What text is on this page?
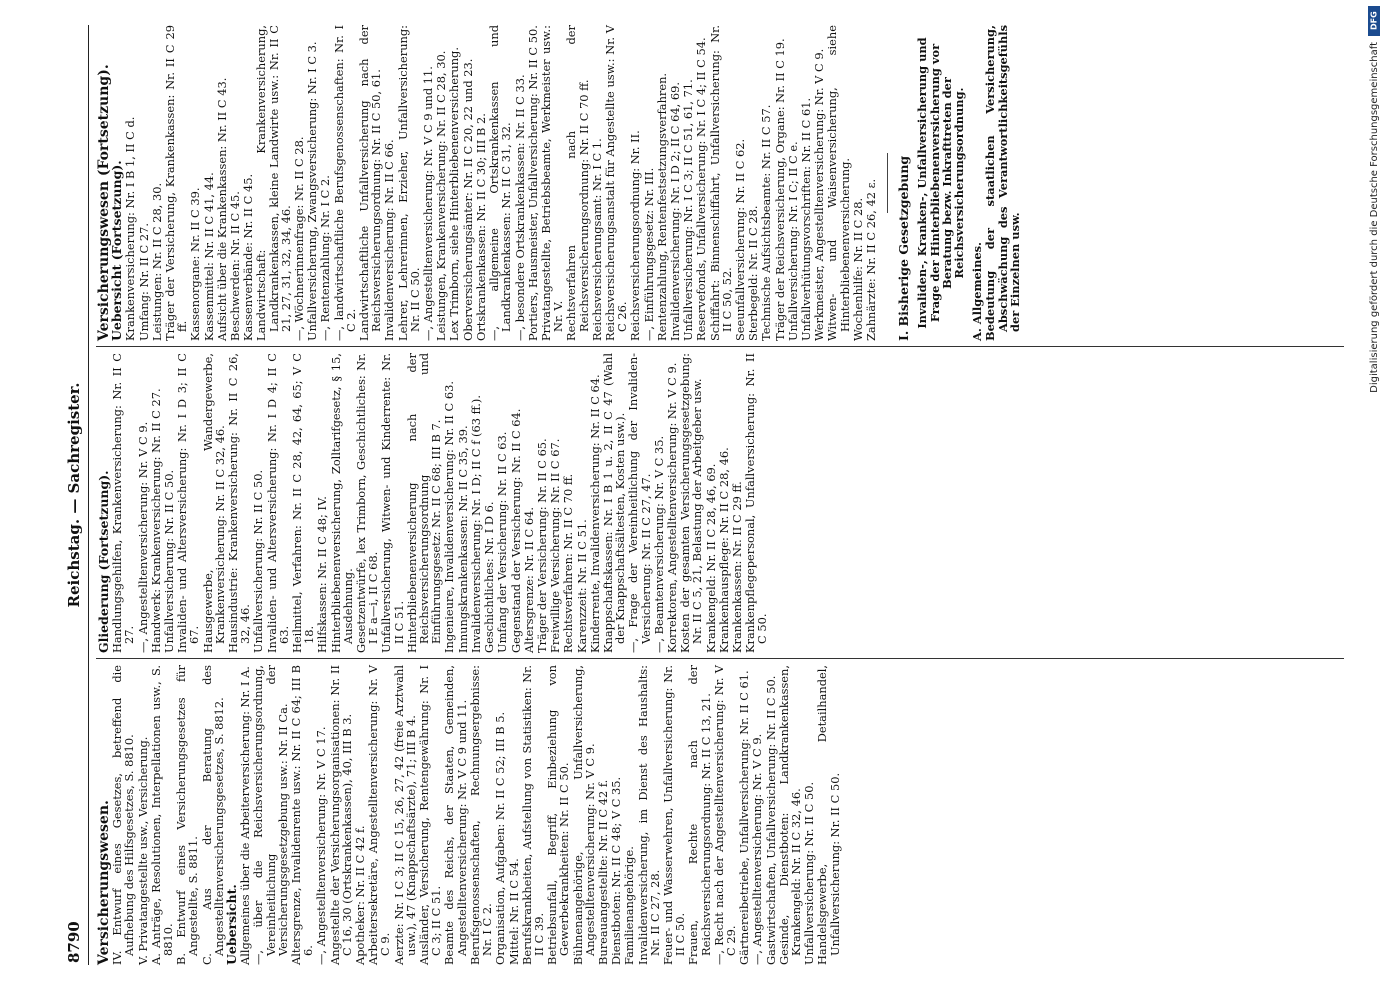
8790
Reichstag. — Sachregister.

Versicherungswesen.

IV. Entwurf eines Gesetzes, betreffend die Aufhebung des Hilfsgesetzes, S. 8810. V. Privatangestellte usw., Versicherung. A. Anträge, Resolutionen, Interpellationen usw., S. 8810. B. Entwurf eines Versicherungsgesetzes für Angestellte, S. 8811. C. Aus der Beratung des Angestelltenversicherungsgesetzes, S. 8812.

Uebersicht. Allgemeines über die Arbeiterversicherung: Nr. I A. —, über die Reichsversicherungsordnung, Vereinheitlichung der Versicherungsgesetzgebung usw.: Nr. II Ca. Altersgrenze, Invalidenrente usw.: Nr. II C 64; III B 6. —, Angestelltenversicherung: Nr. V C 17. Angestellte der Versicherungsorganisationen: Nr. II C 16, 30 (Ortskrankenkassen), 40, III B 3. Apotheker: Nr. II C 42 f. Arbeitersekretäre, Angestelltenversicherung: Nr. V C 9. Aerzte: Nr. I C 3; II C 15, 26, 27, 42 (freie Arztwahl usw.), 47 (Knappschaftsärzte), 71; III B 4. Ausländer, Versicherung, Rentengewährung: Nr. I C 3; II C 51. Beamte des Reichs, der Staaten, Gemeinden, Angestelltenversicherung: Nr. V C 9 und 11. Berufsgenossenschaften, Rechnungsergebnisse: Nr. I C 2. Organisation, Aufgaben: Nr. II C 52; III B 5. Mittel: Nr. II C 54. Berufskrankheiten, Aufstellung von Statistiken: Nr. II C 39. Betriebsunfall, Begriff, Einbeziehung von Gewerbekrankheiten: Nr. II C 50. Bühnenangehörige, Unfallversicherung, Angestelltenversicherung: Nr. V C 9. Bureauangestellte: Nr. II C 42 f. Dienstboten: Nr. II C 48; V C 35. Familienangehörige. Invalidenversicherung, im Dienst des Haushalts: Nr. II C 27, 28. Feuer- und Wasserwehren, Unfallversicherung: Nr. II C 50. Frauen, Rechte nach der Reichsversicherungsordnung: Nr. II C 13, 21. —, Recht nach der Angestelltenversicherung: Nr. V C 29. Gärtnereibetriebe, Unfallversicherung: Nr. II C 61. —, Angestelltenversicherung: Nr. V C 9. Gastwirtschaften, Unfallversicherung: Nr. II C 50. Gesinde, Dienstboten: Landkrankenkassen, Krankengeld: Nr. II C 32, 46. Unfallversicherung: Nr. II C 50. Handelsgewerbe, Detailhandel, Unfallversicherung: Nr. II C 50.

Gliederung (Fortsetzung). Handlungsgehilfen, Krankenversicherung: Nr. II C 27. —, Angestelltenversicherung: Nr. V C 9. Handwerk: Krankenversicherung: Nr. II C 27. Unfallversicherung: Nr. II C 50. Invaliden- und Altersversicherung: Nr. I D 3; II C 67. Hausgewerbe, Wandergewerbe, Krankenversicherung: Nr. II C 32, 46. Hausindustrie: Krankenversicherung: Nr. II C 26, 32, 46. Unfallversicherung: Nr. II C 50. Invaliden- und Altersversicherung: Nr. I D 4; II C 63. Heilmittel, Verfahren: Nr. II C 28, 42, 64, 65; V C 18. Hilfskassen: Nr. II C 48; IV. Hinterbliebenenversicherung, Zolltarifgesetz, § 15, Ausdehnung. Gesetzentwürfe, lex Trimborn, Geschichtliches: Nr. I E a—i, II C 68. Unfallversicherung, Witwen- und Kinderrente: Nr. II C 51. Hinterbliebenenversicherung nach der Reichsversicherungsordnung und Einführungsgesetz: Nr. II C 68; III B 7. Ingenieure, Invalidenversicherung: Nr. II C 63. Innungskrankenkassen: Nr. II C 35, 39. Invalidenversicherung: Nr. I D; II C f (63 ff.). Geschichtliches: Nr. I D 6. Umfang der Versicherung: Nr. II C 63. Gegenstand der Versicherung: Nr. II C 64. Altersgrenze: Nr. II C 64. Träger der Versicherung: Nr. II C 65. Freiwillige Versicherung: Nr. II C 67. Rechtsverfahren: Nr. II C 70 ff. Karenzzeit: Nr. II C 51. Kinderrente, Invalidenversicherung: Nr. II C 64. Knappschaftskassen: Nr. I B 1 u. 2, II C 47 (Wahl der Knappschaftsältesten, Kosten usw.). —, Frage der Vereinheitlichung der Invaliden-Versicherung: Nr. II C 27, 47. —, Beamtenversicherung: Nr. V C 35. Korrektoren, Angestelltenversicherung: Nr. V C 9. Kosten der gesamten Versicherungsgesetzgebung: Nr. II C 5, 21, Belastung der Arbeitgeber usw. Krankengeld: Nr. II C 28, 46, 69. Krankenhauspflege: Nr. II C 28, 46. Krankenkassen: Nr. II C 29 ff. Krankenpflegepersonal, Unfallversicherung: Nr. II C 50.

Versicherungswesen (Fortsetzung).

Uebersicht (Fortsetzung). Krankenversicherung: Nr. I B 1, II C d. Umfang: Nr. II C 27. Leistungen: Nr. II C 28, 30. Träger der Versicherung, Krankenkassen: Nr. II C 29 ff. Kassenorgane: Nr. II C 39. Kassenmittel: Nr. II C 41, 44. Aufsicht über die Krankenkassen: Nr. II C 43. Beschwerden: Nr. II C 45. Kassenverbände: Nr. II C 45. Landwirtschaft: Krankenversicherung, Landkrankenkassen, kleine Landwirte usw.: Nr. II C 21, 27, 31, 32, 34, 46. —, Wöchnerinnenfrage: Nr. II C 28. Unfallversicherung, Zwangsversicherung: Nr. I C 3. —, Rentenzahlung: Nr. I C 2. —, landwirtschaftliche Berufsgenossenschaften: Nr. I C 2. Landwirtschaftliche Unfallversicherung nach der Reichsversicherungsordnung: Nr. II C 50, 61. Invalidenversicherung: Nr. II C 66. Lehrer, Lehrerinnen, Erzieher, Unfallversicherung: Nr. II C 50. —, Angestelltenversicherung: Nr. V C 9 und 11. Leistungen, Krankenversicherung: Nr. II C 28, 30. Lex Trimborn, siehe Hinterbliebenenversicherung. Oberversicherungsämter: Nr. II C 20, 22 und 23. Ortskrankenkassen: Nr. II C 30; III B 2. —, allgemeine Ortskrankenkassen und Landkrankenkassen: Nr. II C 31, 32. —, besondere Ortskrankenkassen: Nr. II C 33. Portiers, Hausmeister, Unfallversicherung: Nr. II C 50. Privatangestellte, Betriebsbeamte, Werkmeister usw.: Nr. V. Rechtsverfahren nach der Reichsversicherungsordnung: Nr. II C 70 ff. Reichsversicherungsamt: Nr. I C 1. Reichsversicherungsanstalt für Angestellte usw.: Nr. V C 26. Reichsversicherungsordnung: Nr. II. —, Einführungsgesetz: Nr. III. Rentenzahlung, Rentenfestsetzungsverfahren. Invalidenversicherung: Nr. I D 2; II C 64, 69. Unfallversicherung: Nr. I C 3; II C 51, 61, 71. Reservefonds, Unfallversicherung: Nr. I C 4; II C 54. Schiffahrt: Binnenschiffahrt, Unfallversicherung: Nr. II C 50, 52. Seeunfallversicherung: Nr. II C 62. Sterbegeld: Nr. II C 28. Technische Aufsichtsbeamte: Nr. II C 57. Träger der Reichsversicherung, Organe: Nr. II C 19. Unfallversicherung: Nr. I C; II C e. Unfallverhütungsvorschriften: Nr. II C 61. Werkmeister, Angestelltenversicherung: Nr. V C 9. Witwen- und Waisenversicherung, siehe Hinterbliebenenversicherung. Wochenhilfe: Nr. II C 28. Zahnärzte: Nr. II C 26, 42 ε. I. Bisherige Gesetzgebung Invaliden-, Kranken-, Unfallversicherung und Frage der Hinterbliebenenversicherung vor Beratung bezw. Inkrafttreten der Reichsversicherungsordnung.

A. Allgemeines. Bedeutung der staatlichen Versicherung, Abschwächung des Verantwortlichkeitsgefühls der Einzelnen usw.

DFG
Digitalisierung gefördert durch die Deutsche Forschungsgemeinschaft
